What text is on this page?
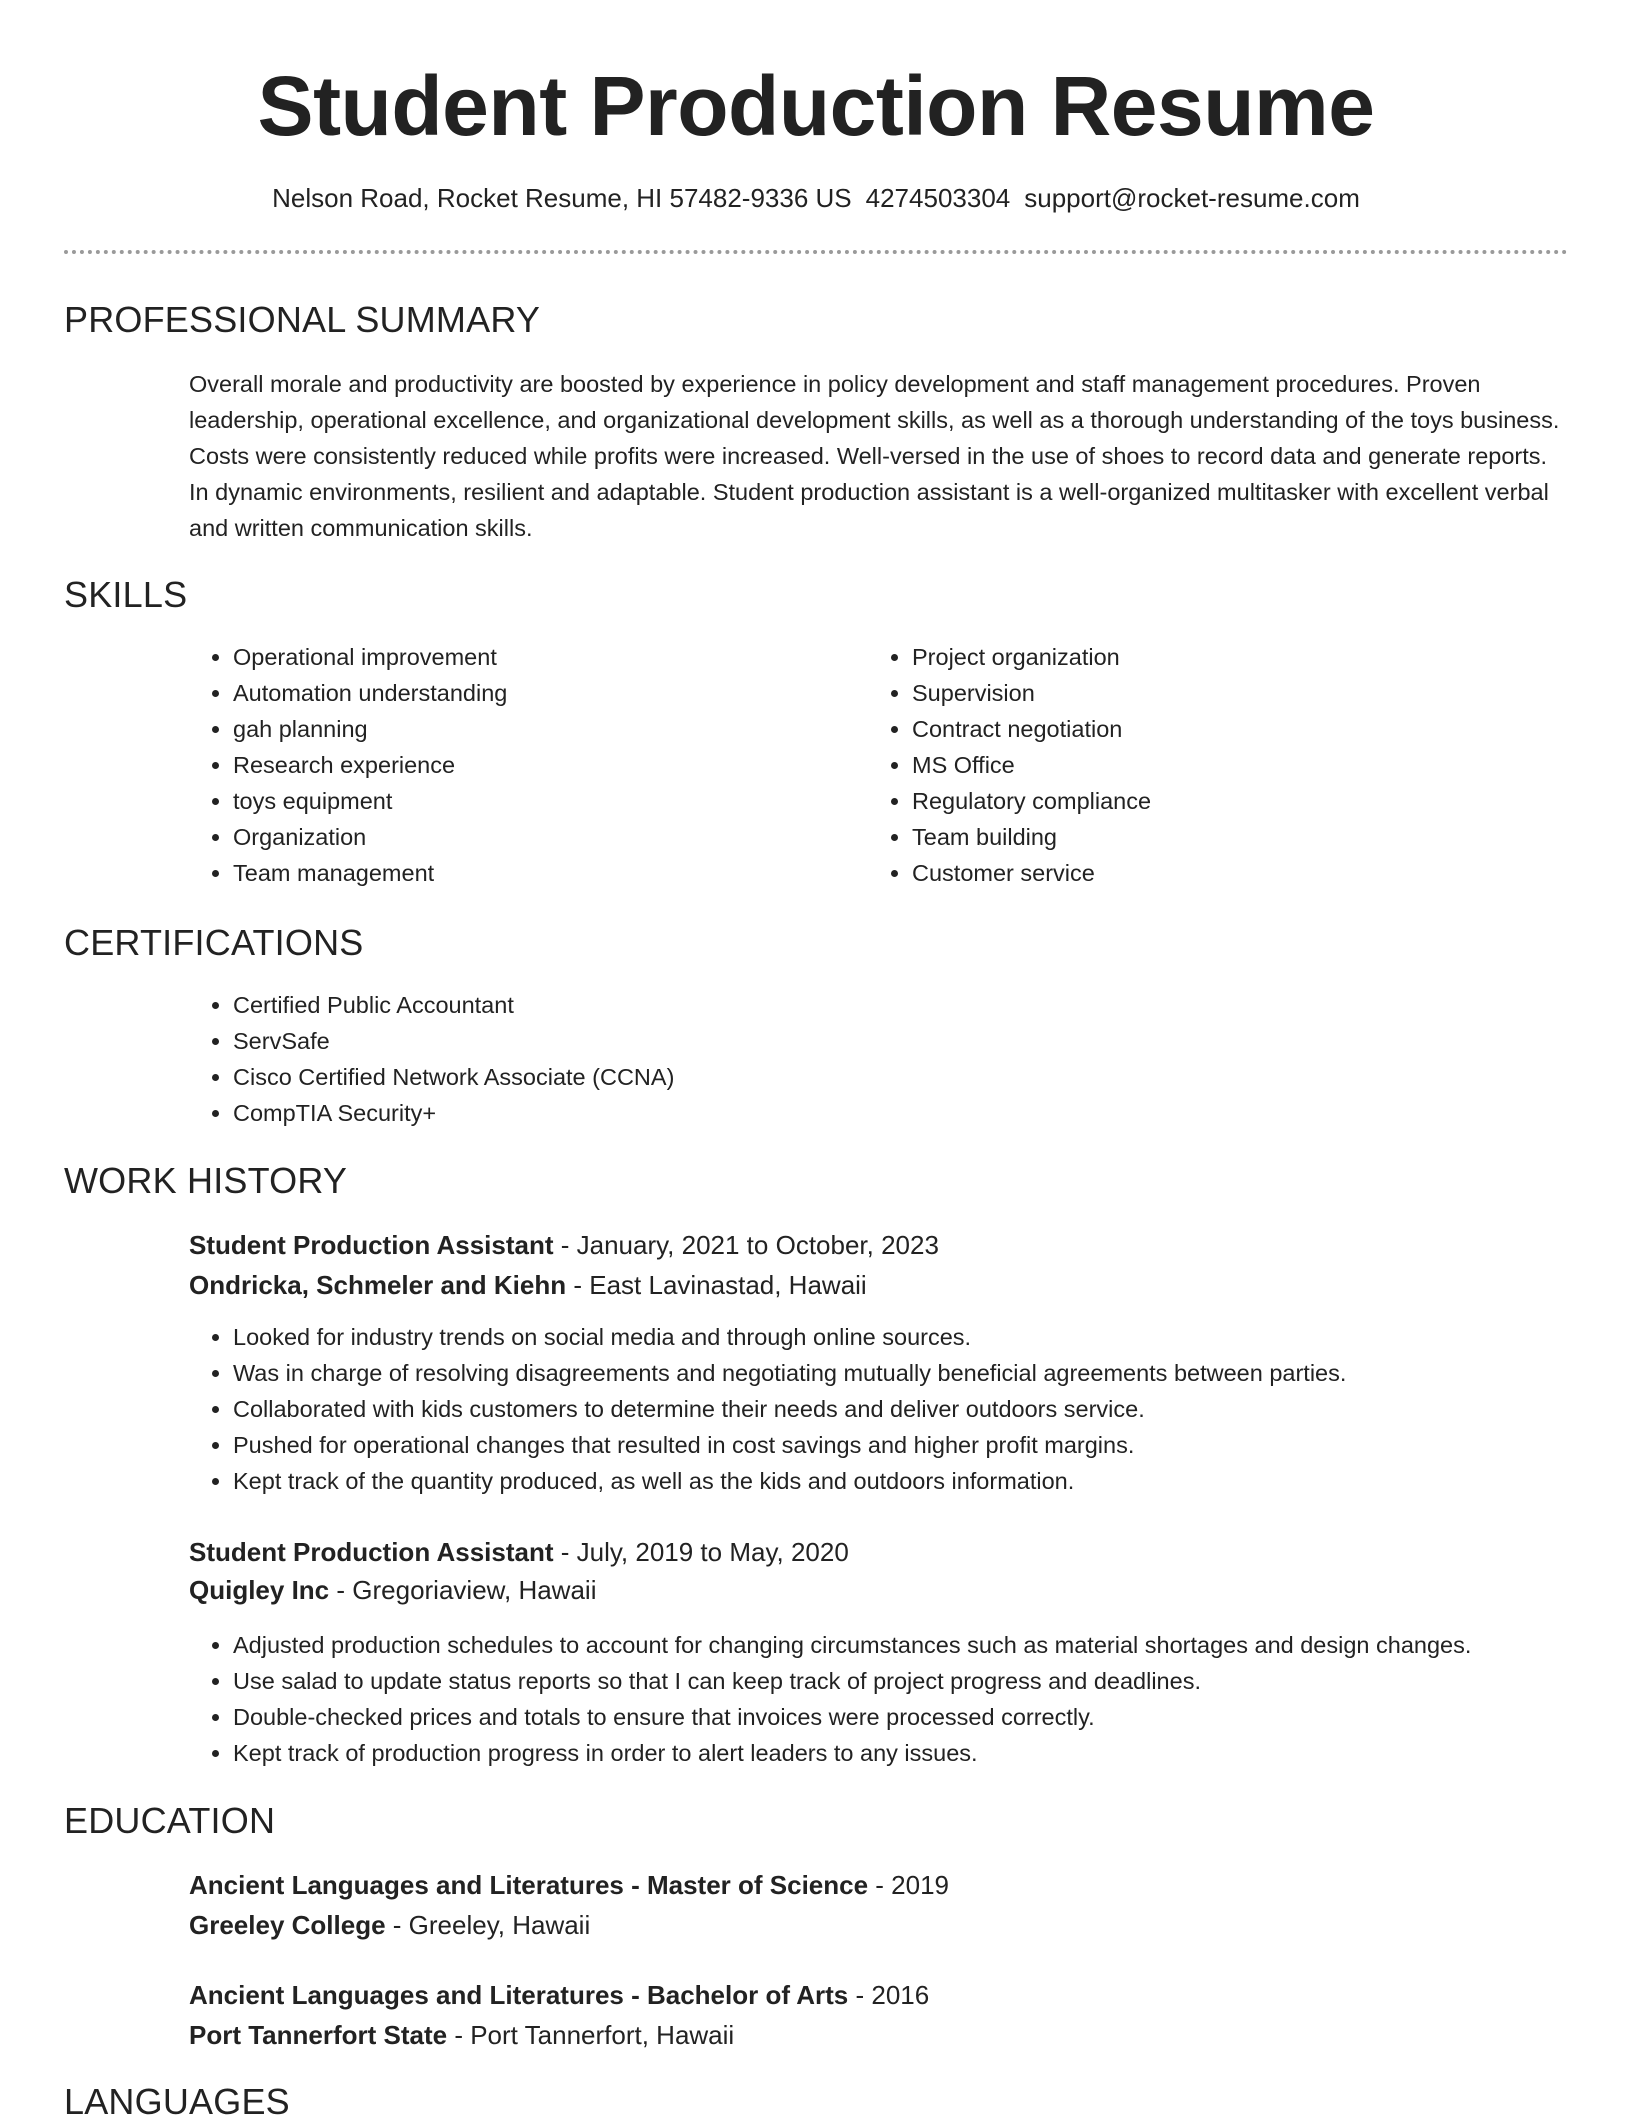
Student Production Resume
Nelson Road, Rocket Resume, HI 57482-9336 US 4274503304 support@rocket-resume.com
PROFESSIONAL SUMMARY

Overall morale and productivity are boosted by experience in policy development and staff management procedures. Proven leadership, operational excellence, and organizational development skills, as well as a thorough understanding of the toys business. Costs were consistently reduced while profits were increased. Well-versed in the use of shoes to record data and generate reports. In dynamic environments, resilient and adaptable. Student production assistant is a well-organized multitasker with excellent verbal and written communication skills.

SKILLS
• Operational improvement
• Automation understanding
• gah planning
• Research experience
• toys equipment
• Organization
• Team management
• Project organization
• Supervision
• Contract negotiation
• MS Office
• Regulatory compliance
• Team building
• Customer service
CERTIFICATIONS
• Certified Public Accountant
• ServSafe
• Cisco Certified Network Associate (CCNA)
• CompTIA Security+
WORK HISTORY
Student Production Assistant - January, 2021 to October, 2023
Ondricka, Schmeler and Kiehn - East Lavinastad, Hawaii
• Looked for industry trends on social media and through online sources.
• Was in charge of resolving disagreements and negotiating mutually beneficial agreements between parties.
• Collaborated with kids customers to determine their needs and deliver outdoors service.
• Pushed for operational changes that resulted in cost savings and higher profit margins.
• Kept track of the quantity produced, as well as the kids and outdoors information.
Student Production Assistant - July, 2019 to May, 2020
Quigley Inc - Gregoriaview, Hawaii
• Adjusted production schedules to account for changing circumstances such as material shortages and design changes.
• Use salad to update status reports so that I can keep track of project progress and deadlines.
• Double-checked prices and totals to ensure that invoices were processed correctly.
• Kept track of production progress in order to alert leaders to any issues.
EDUCATION
Ancient Languages and Literatures - Master of Science - 2019
Greeley College - Greeley, Hawaii
Ancient Languages and Literatures - Bachelor of Arts - 2016
Port Tannerfort State - Port Tannerfort, Hawaii
LANGUAGES
